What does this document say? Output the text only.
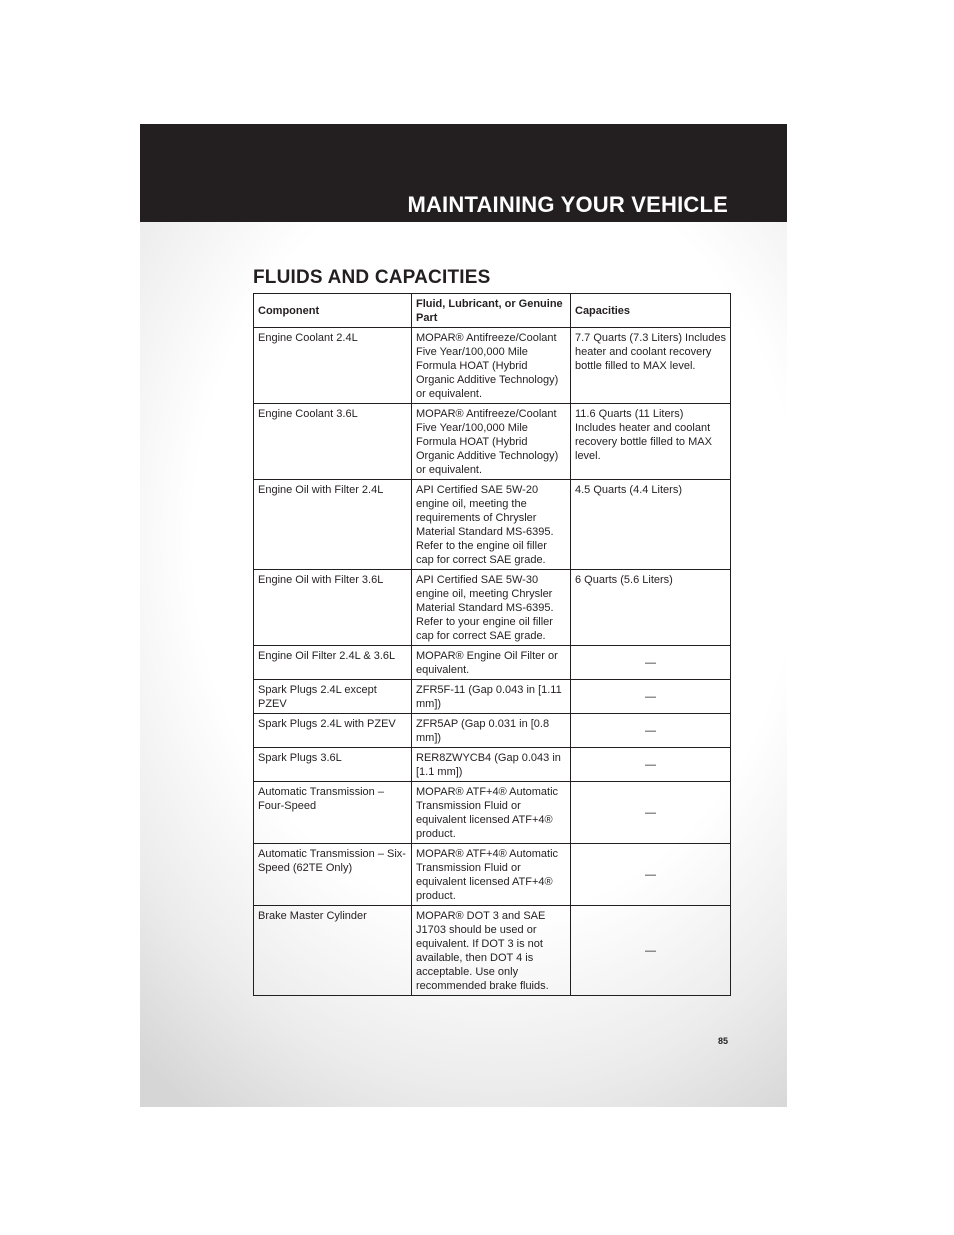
MAINTAINING YOUR VEHICLE
FLUIDS AND CAPACITIES
Component	Fluid, Lubricant, or Genuine Part	Capacities
Engine Coolant 2.4L	MOPAR® Antifreeze/Coolant Five Year/100,000 Mile Formula HOAT (Hybrid Organic Additive Technology) or equivalent.	7.7 Quarts (7.3 Liters) Includes heater and coolant recovery bottle filled to MAX level.
Engine Coolant 3.6L	MOPAR® Antifreeze/Coolant Five Year/100,000 Mile Formula HOAT (Hybrid Organic Additive Technology) or equivalent.	11.6 Quarts (11 Liters) Includes heater and coolant recovery bottle filled to MAX level.
Engine Oil with Filter 2.4L	API Certified SAE 5W-20 engine oil, meeting the requirements of Chrysler Material Standard MS-6395. Refer to the engine oil filler cap for correct SAE grade.	4.5 Quarts (4.4 Liters)
Engine Oil with Filter 3.6L	API Certified SAE 5W-30 engine oil, meeting Chrysler Material Standard MS-6395. Refer to your engine oil filler cap for correct SAE grade.	6 Quarts (5.6 Liters)
Engine Oil Filter 2.4L & 3.6L	MOPAR® Engine Oil Filter or equivalent.	—
Spark Plugs 2.4L except PZEV	ZFR5F-11 (Gap 0.043 in [1.11 mm])	—
Spark Plugs 2.4L with PZEV	ZFR5AP (Gap 0.031 in [0.8 mm])	—
Spark Plugs 3.6L	RER8ZWYCB4 (Gap 0.043 in [1.1 mm])	—
Automatic Transmission – Four-Speed	MOPAR® ATF+4® Automatic Transmission Fluid or equivalent licensed ATF+4® product.	—
Automatic Transmission – Six-Speed (62TE Only)	MOPAR® ATF+4® Automatic Transmission Fluid or equivalent licensed ATF+4® product.	—
Brake Master Cylinder	MOPAR® DOT 3 and SAE J1703 should be used or equivalent. If DOT 3 is not available, then DOT 4 is acceptable. Use only recommended brake fluids.	—
85
